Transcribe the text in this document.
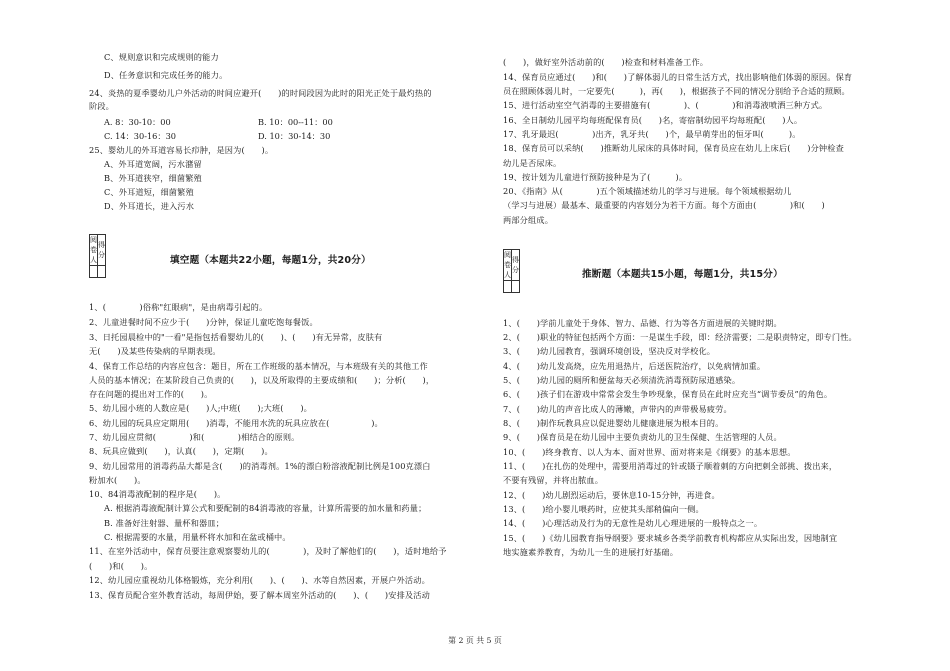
C、规则意识和完成规则的能力
D、任务意识和完成任务的能力。
24、炎热的夏季婴幼儿户外活动的时间应避开(　　)的时间段因为此时的阳光正处于最灼热的
阶段。
A. 8：30-10：00	B. 10：00--11：00
C. 14：30-16：30	D. 10：30-14：30
25、婴幼儿的外耳道容易长疖肿，是因为(　　)。
A、外耳道宽阔，污水潴留
B、外耳道狭窄，细菌繁殖
C、外耳道短，细菌繁殖
D、外耳道长，进入污水
阅卷人	得分
		填空题（本题共22小题，每题1分，共20分）
1、(　　　　)俗称"红眼病"，是由病毒引起的。
2、儿童进餐时间不应少于(　　)分钟，保证儿童吃饱每餐饭。
3、日托园晨检中的"一看"是指包括看婴幼儿的(　　)、(　　)有无异常，皮肤有
无(　　)及某些传染病的早期表现。
4、保育工作总结的内容应包含：题目，所在工作班级的基本情况，与本班级有关的其他工作
人员的基本情况；在某阶段自己负责的(　　)，以及所取得的主要成绩和(　　)；分析(　　)，
存在问题的提出对工作的(　　)。
5、幼儿园小班的人数应是(　　)人;中班(　　);大班(　　)。
6、幼儿园的玩具应定期用(　　)消毒，不能用水洗的玩具应放在(　　　　　)。
7、幼儿园应贯彻(　　　　)和(　　　　)相结合的原则。
8、玩具应做到(　　)，认真(　　)，定期(　　)。
9、幼儿园常用的消毒药品大都是含(　　)的消毒剂。1%的漂白粉溶液配制比例是100克漂白
粉加水(　　)。
10、84消毒液配制的程序是(　　)。
A. 根据消毒液配制计算公式和要配制的84消毒液的容量，计算所需要的加水量和药量；
B. 准备好注射器、量杯和器皿；
C. 根据需要的水量，用量杯将水加和在盆或桶中。
11、在室外活动中，保育员要注意观察婴幼儿的(　　　　)，及时了解他们的(　　)，适时地给予
(　　)和(　　)。
12、幼儿园应重视幼儿体格锻炼，充分利用(　　)、(　　)、水等自然因素，开展户外活动。
13、保育员配合室外教育活动，每周伊始，要了解本周室外活动的(　　)、(　　)安排及活动
(　　)，做好室外活动前的(　　)检查和材料准备工作。
14、保育员应通过(　　)和(　　)了解体弱儿的日常生活方式，找出影响他们体弱的原因。保育
员在照顾体弱儿时，一定要先(　　　)，再(　　)，根据孩子不同的情况分别给予合适的照顾。
15、进行活动室空气消毒的主要措施有(　　　　)、(　　　　)和消毒液喷洒三种方式。
16、全日制幼儿园平均每班配保育员(　　)名，寄宿制幼园平均每班配(　　)人。
17、乳牙最迟(　　　　)出齐，乳牙共(　　)个，最早萌芽出的恒牙叫(　　　)。
18、保育员可以采纳(　　)推断幼儿尿床的具体时间，保育员应在幼儿上床后(　　)分钟检查
幼儿是否尿床。
19、按计划为儿童进行预防接种是为了(　　　)。
20、《指南》从(　　　　)五个领域描述幼儿的学习与进展。每个领域根据幼儿
（学习与进展）最基本、最重要的内容划分为若干方面。每个方面由(　　　　)和(　　)
两部分组成。
阅卷人	得分
		推断题（本题共15小题，每题1分，共15分）
1、(　　)学前儿童处于身体、智力、品德、行为等各方面进展的关键时期。
2、(　　)职业的特征包括两个方面：一是谋生手段，即：经济需要；二是职责特定，即专门性。
3、(　　)幼儿园教育，强调环境创设，坚决反对学校化。
4、(　　)幼儿发高烧，应先用退热片，后送医院治疗，以免病情加重。
5、(　　)幼儿园的厕所和便盆每天必须清洗消毒预防尿道感染。
6、(　　)孩子们在游戏中常常会发生争吵现象，保育员在此时应充当“调节委员”的角色。
7、(　　)幼儿的声音比成人的薄嫩，声带内的声带极易疲劳。
8、(　　)制作玩教具应以促进婴幼儿健康进展为根本目的。
9、(　　)保育员是在幼儿园中主要负责幼儿的卫生保健、生活管理的人员。
10、(　　)终身教育、以人为本、面对世界、面对将来是《纲要》的基本思想。
11、(　　)在扎伤的处理中，需要用消毒过的针或镊子顺着刺的方向把刺全部挑、拨出来，
不要有残留，并将出脓血。
12、(　　)幼儿剧烈运动后，要休息10-15分钟，再进食。
13、(　　)给小婴儿喂药时，应使其头部稍偏向一侧。
14、(　　)心理活动及行为的无意性是幼儿心理进展的一般特点之一。
15、(　　)《幼儿园教育指导纲要》要求城乡各类学前教育机构都应从实际出发，因地制宜
地实施素养教育，为幼儿一生的进展打好基础。
第 2 页 共 5 页
